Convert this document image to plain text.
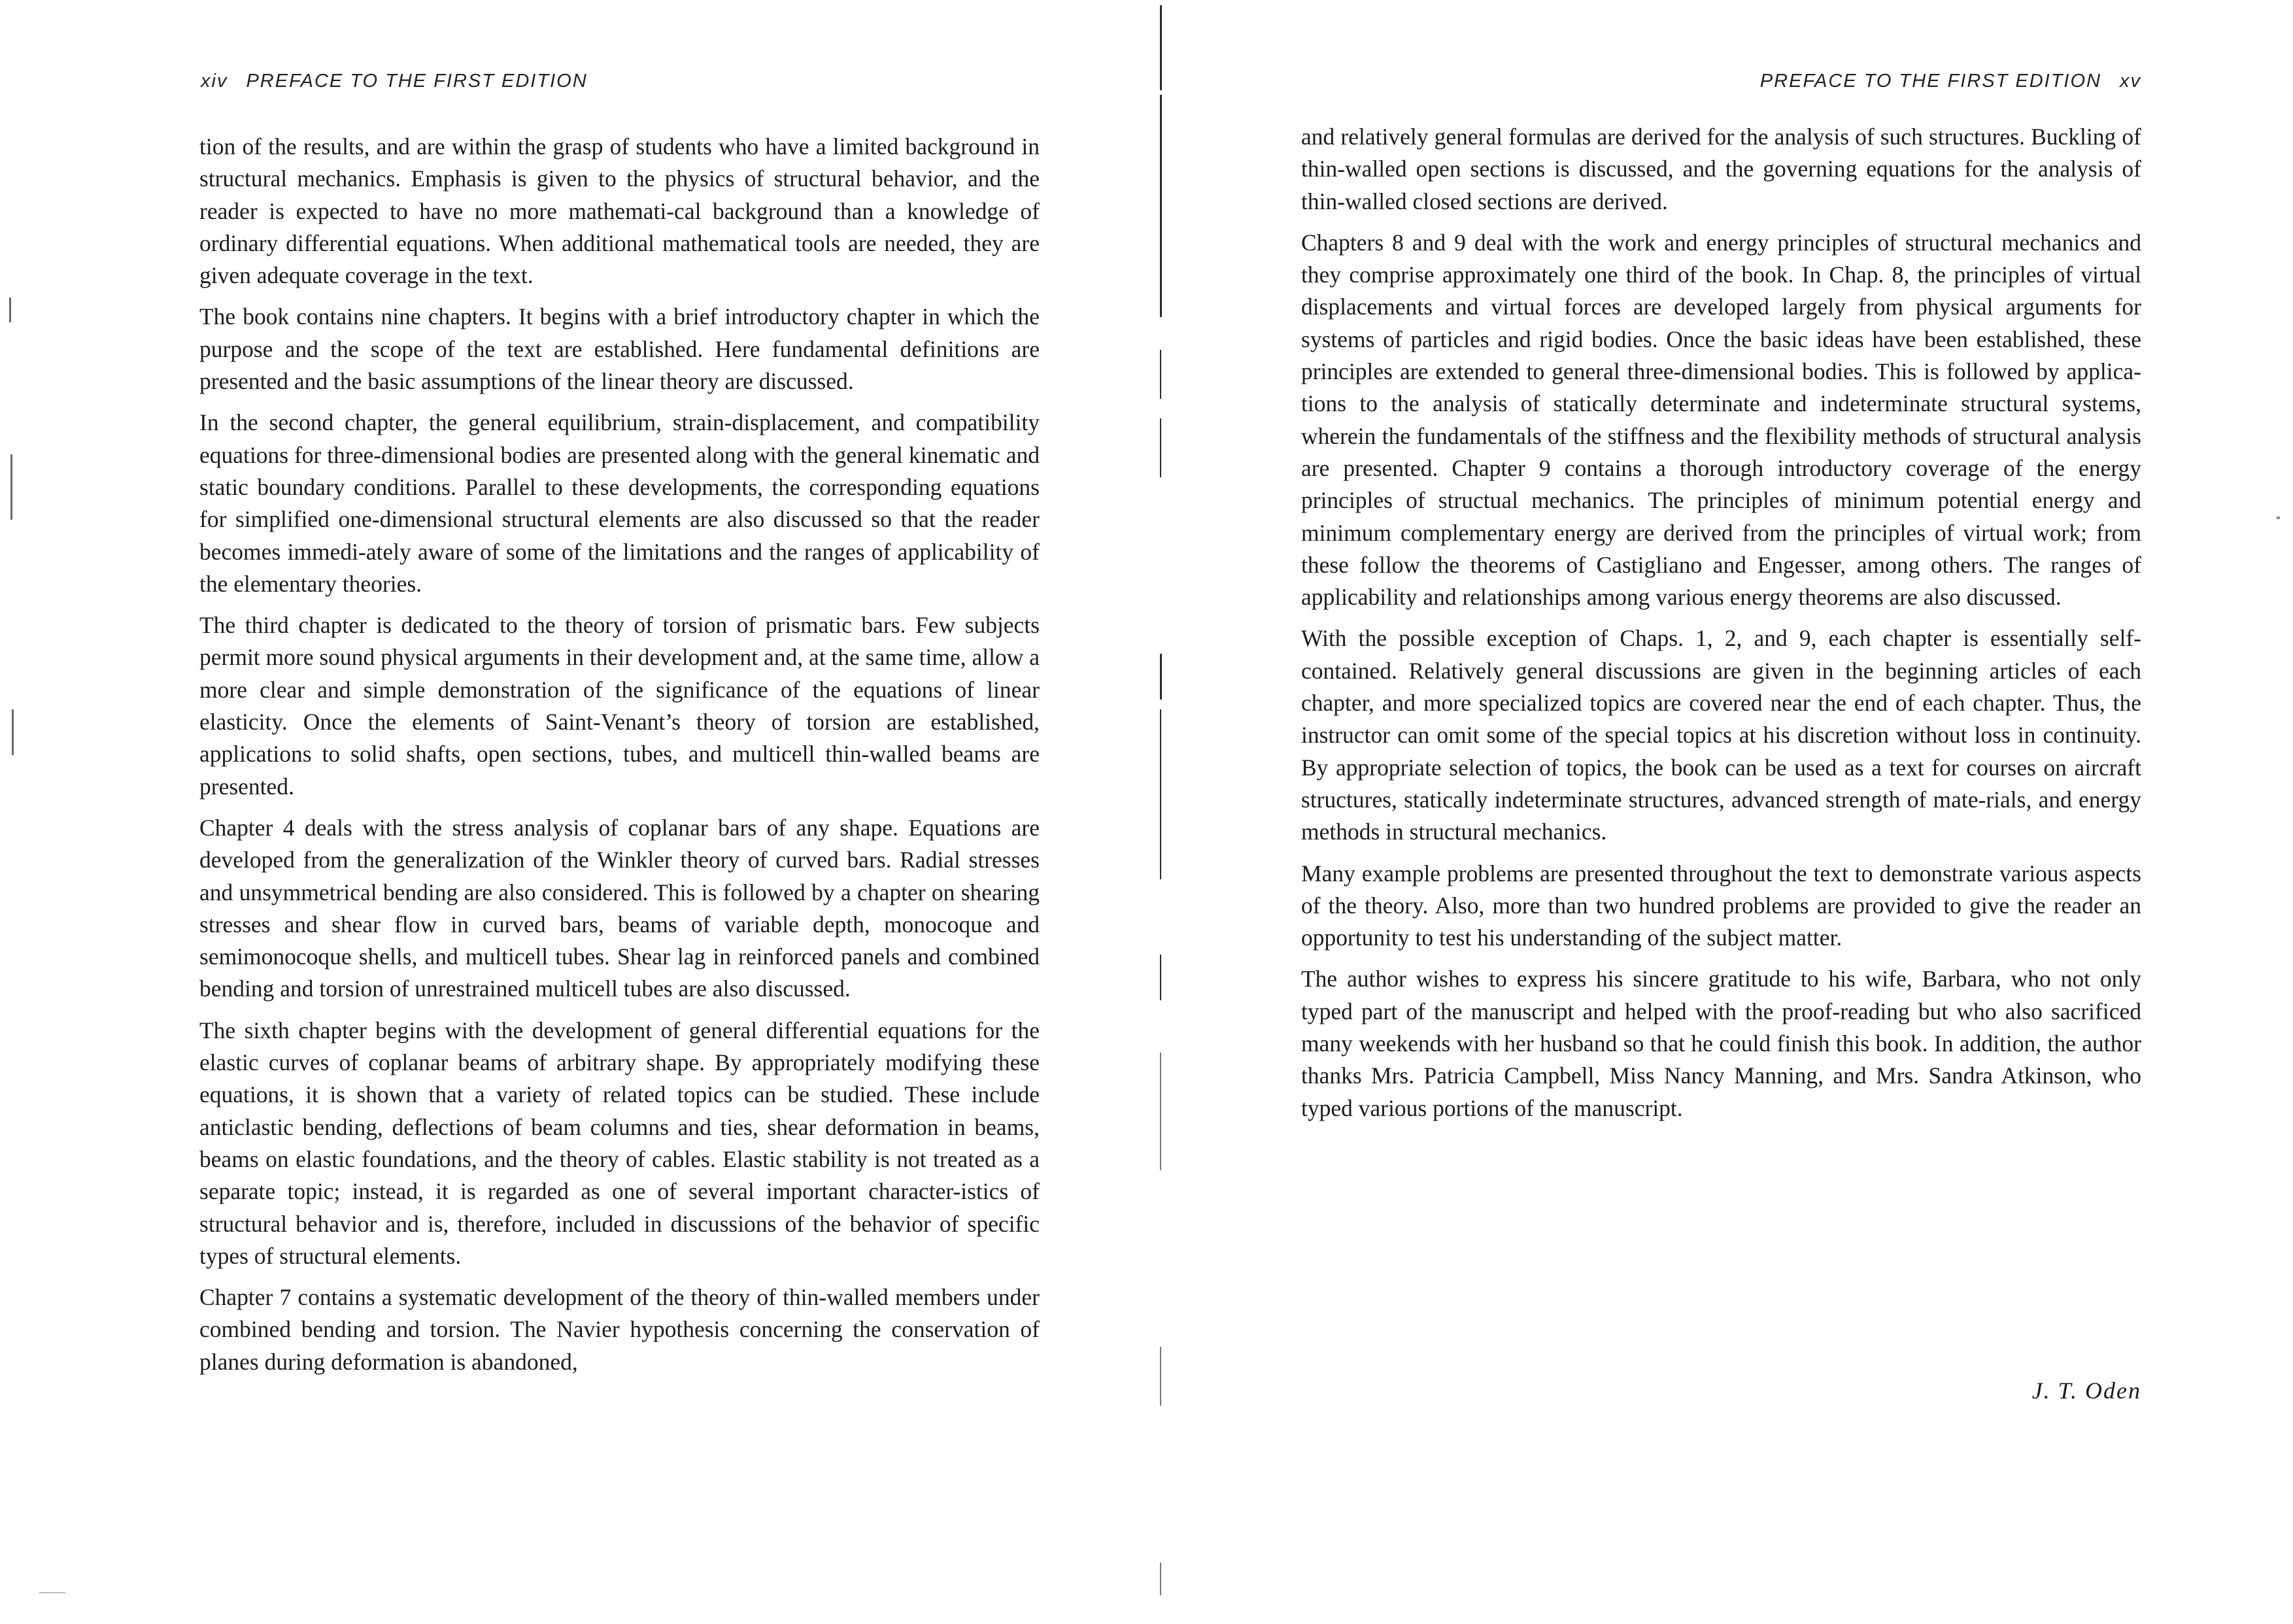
xiv PREFACE TO THE FIRST EDITION

tion of the results, and are within the grasp of students who have a limited background in structural mechanics. Emphasis is given to the physics of structural behavior, and the reader is expected to have no more mathemati-cal background than a knowledge of ordinary differential equations. When additional mathematical tools are needed, they are given adequate coverage in the text.

The book contains nine chapters. It begins with a brief introductory chapter in which the purpose and the scope of the text are established. Here fundamental definitions are presented and the basic assumptions of the linear theory are discussed.

In the second chapter, the general equilibrium, strain-displacement, and compatibility equations for three-dimensional bodies are presented along with the general kinematic and static boundary conditions. Parallel to these developments, the corresponding equations for simplified one-dimensional structural elements are also discussed so that the reader becomes immedi-ately aware of some of the limitations and the ranges of applicability of the elementary theories.

The third chapter is dedicated to the theory of torsion of prismatic bars. Few subjects permit more sound physical arguments in their development and, at the same time, allow a more clear and simple demonstration of the significance of the equations of linear elasticity. Once the elements of Saint-Venant’s theory of torsion are established, applications to solid shafts, open sections, tubes, and multicell thin-walled beams are presented.

Chapter 4 deals with the stress analysis of coplanar bars of any shape. Equations are developed from the generalization of the Winkler theory of curved bars. Radial stresses and unsymmetrical bending are also considered. This is followed by a chapter on shearing stresses and shear flow in curved bars, beams of variable depth, monocoque and semimonocoque shells, and multicell tubes. Shear lag in reinforced panels and combined bending and torsion of unrestrained multicell tubes are also discussed.

The sixth chapter begins with the development of general differential equations for the elastic curves of coplanar beams of arbitrary shape. By appropriately modifying these equations, it is shown that a variety of related topics can be studied. These include anticlastic bending, deflections of beam columns and ties, shear deformation in beams, beams on elastic foundations, and the theory of cables. Elastic stability is not treated as a separate topic; instead, it is regarded as one of several important character-istics of structural behavior and is, therefore, included in discussions of the behavior of specific types of structural elements.

Chapter 7 contains a systematic development of the theory of thin-walled members under combined bending and torsion. The Navier hypothesis concerning the conservation of planes during deformation is abandoned,

PREFACE TO THE FIRST EDITION xv

and relatively general formulas are derived for the analysis of such structures. Buckling of thin-walled open sections is discussed, and the governing equations for the analysis of thin-walled closed sections are derived.

Chapters 8 and 9 deal with the work and energy principles of structural mechanics and they comprise approximately one third of the book. In Chap. 8, the principles of virtual displacements and virtual forces are developed largely from physical arguments for systems of particles and rigid bodies. Once the basic ideas have been established, these principles are extended to general three-dimensional bodies. This is followed by applica-tions to the analysis of statically determinate and indeterminate structural systems, wherein the fundamentals of the stiffness and the flexibility methods of structural analysis are presented. Chapter 9 contains a thorough introductory coverage of the energy principles of structual mechanics. The principles of minimum potential energy and minimum complementary energy are derived from the principles of virtual work; from these follow the theorems of Castigliano and Engesser, among others. The ranges of applicability and relationships among various energy theorems are also discussed.

With the possible exception of Chaps. 1, 2, and 9, each chapter is essentially self-contained. Relatively general discussions are given in the beginning articles of each chapter, and more specialized topics are covered near the end of each chapter. Thus, the instructor can omit some of the special topics at his discretion without loss in continuity. By appropriate selection of topics, the book can be used as a text for courses on aircraft structures, statically indeterminate structures, advanced strength of mate-rials, and energy methods in structural mechanics.

Many example problems are presented throughout the text to demonstrate various aspects of the theory. Also, more than two hundred problems are provided to give the reader an opportunity to test his understanding of the subject matter.

The author wishes to express his sincere gratitude to his wife, Barbara, who not only typed part of the manuscript and helped with the proof-reading but who also sacrificed many weekends with her husband so that he could finish this book. In addition, the author thanks Mrs. Patricia Campbell, Miss Nancy Manning, and Mrs. Sandra Atkinson, who typed various portions of the manuscript.

J. T. Oden
